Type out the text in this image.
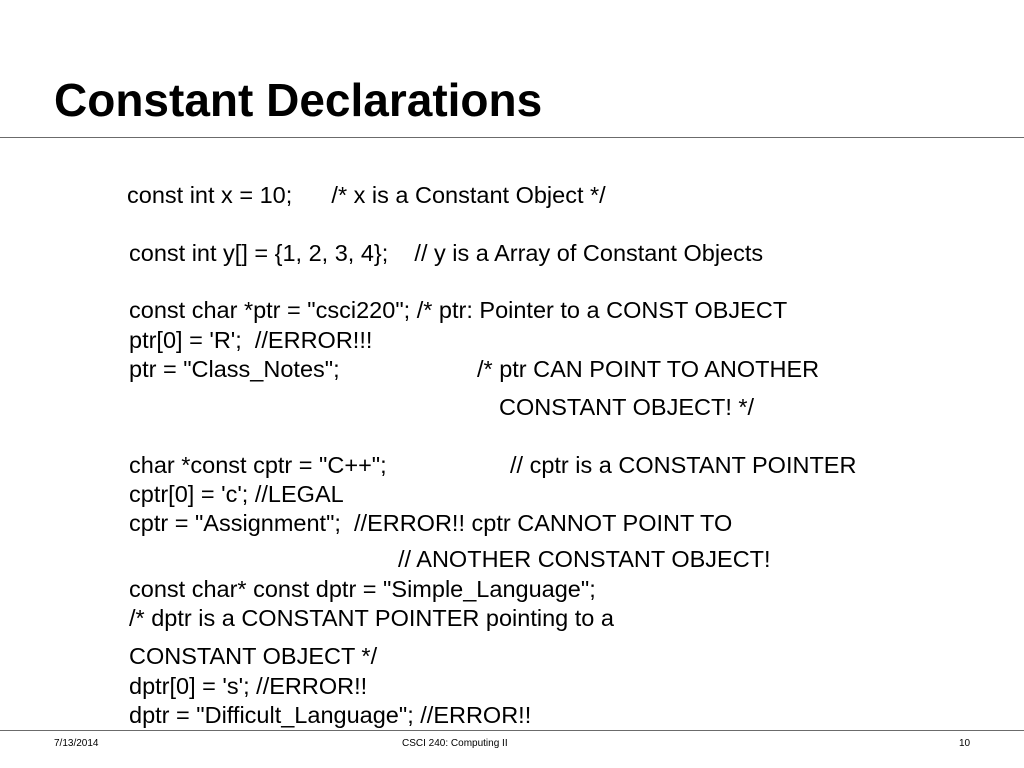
Constant Declarations
const int x = 10;      /* x is a Constant Object */
const int y[] = {1, 2, 3, 4};    // y is a Array of Constant Objects
const char *ptr = "csci220"; /* ptr: Pointer to a CONST OBJECT
ptr[0] = 'R';  //ERROR!!!
ptr = "Class_Notes";	/* ptr CAN POINT TO ANOTHER
CONSTANT OBJECT! */
char *const cptr = "C++";	// cptr is a CONSTANT POINTER
cptr[0] = 'c'; //LEGAL
cptr = "Assignment";  //ERROR!! cptr CANNOT POINT TO
// ANOTHER CONSTANT OBJECT!
const char* const dptr = "Simple_Language";
/* dptr is a CONSTANT POINTER pointing to a
CONSTANT OBJECT */
dptr[0] = 's'; //ERROR!!
dptr = "Difficult_Language"; //ERROR!!
7/13/2014	CSCI 240: Computing II	10
